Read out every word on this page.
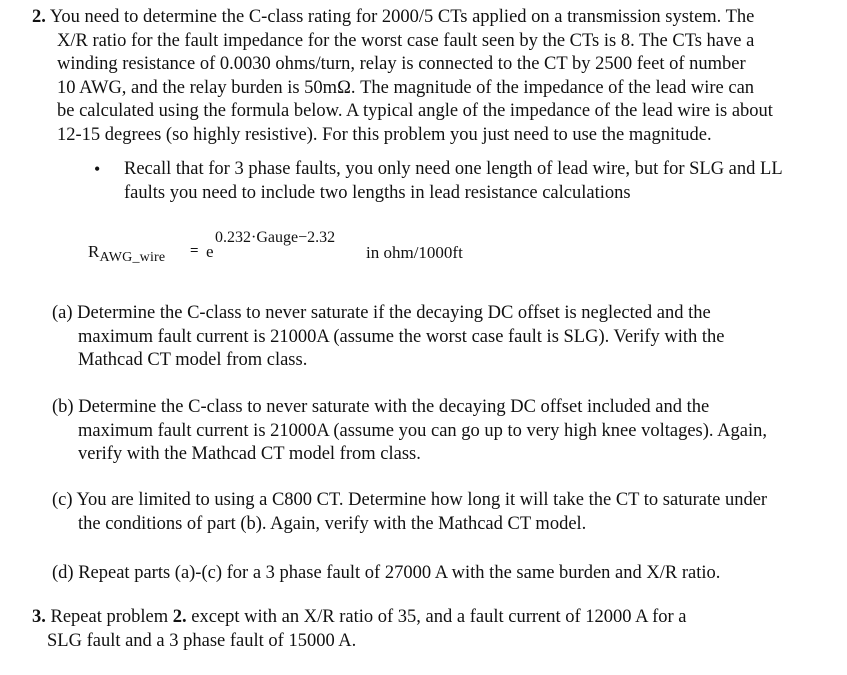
2. You need to determine the C-class rating for 2000/5 CTs applied on a transmission system. The
X/R ratio for the fault impedance for the worst case fault seen by the CTs is 8. The CTs have a
winding resistance of 0.0030 ohms/turn, relay is connected to the CT by 2500 feet of number
10 AWG, and the relay burden is 50mΩ. The magnitude of the impedance of the lead wire can
be calculated using the formula below. A typical angle of the impedance of the lead wire is about
12-15 degrees (so highly resistive). For this problem you just need to use the magnitude.
• Recall that for 3 phase faults, you only need one length of lead wire, but for SLG and LL
faults you need to include two lengths in lead resistance calculations
$R_{AWG\_wire} = e$
0.232·Gauge−2.32
in ohm/1000ft
(a) Determine the C-class to never saturate if the decaying DC offset is neglected and the
maximum fault current is 21000A (assume the worst case fault is SLG). Verify with the
Mathcad CT model from class.
(b) Determine the C-class to never saturate with the decaying DC offset included and the
maximum fault current is 21000A (assume you can go up to very high knee voltages). Again,
verify with the Mathcad CT model from class.
(c) You are limited to using a C800 CT. Determine how long it will take the CT to saturate under
the conditions of part (b). Again, verify with the Mathcad CT model.
(d) Repeat parts (a)-(c) for a 3 phase fault of 27000 A with the same burden and X/R ratio.
3. Repeat problem 2. except with an X/R ratio of 35, and a fault current of 12000 A for a
SLG fault and a 3 phase fault of 15000 A.
